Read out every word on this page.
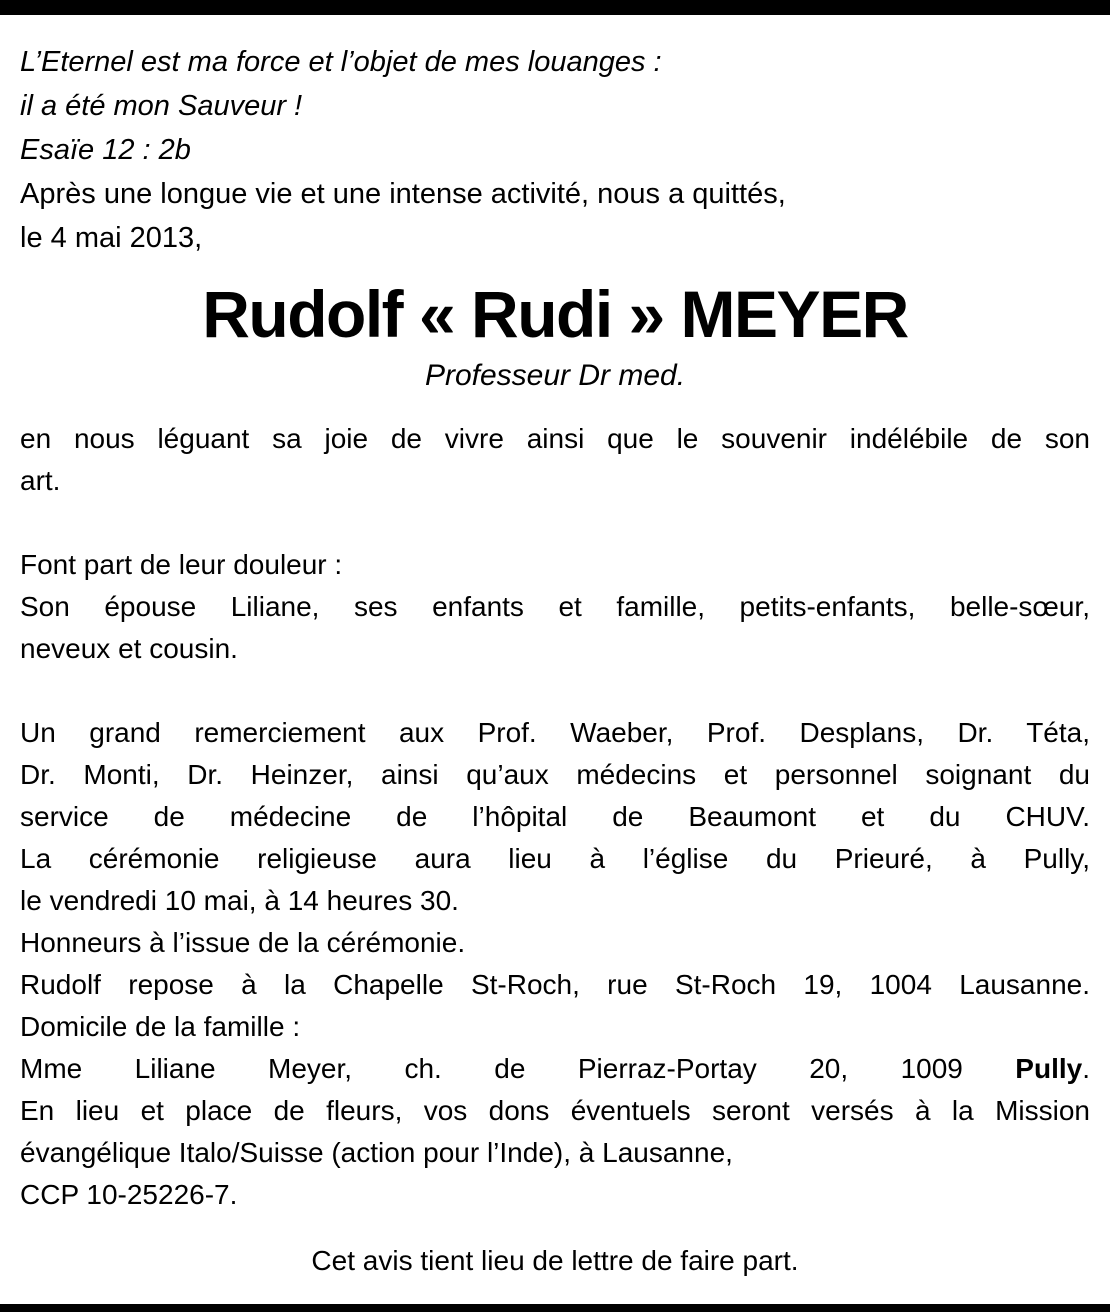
L’Eternel est ma force et l’objet de mes louanges :
il a été mon Sauveur !
Esaïe 12 : 2b
Après une longue vie et une intense activité, nous a quittés,
le 4 mai 2013,
Rudolf « Rudi » MEYER
Professeur Dr med.
en nous léguant sa joie de vivre ainsi que le souvenir indélébile de son
art.
Font part de leur douleur :
Son épouse Liliane, ses enfants et famille, petits-enfants, belle-sœur,
neveux et cousin.
Un grand remerciement aux Prof. Waeber, Prof. Desplans, Dr. Téta,
Dr. Monti, Dr. Heinzer, ainsi qu’aux médecins et personnel soignant du
service de médecine de l’hôpital de Beaumont et du CHUV.
La cérémonie religieuse aura lieu à l’église du Prieuré, à Pully,
le vendredi 10 mai, à 14 heures 30.
Honneurs à l’issue de la cérémonie.
Rudolf repose à la Chapelle St-Roch, rue St-Roch 19, 1004 Lausanne.
Domicile de la famille :
Mme Liliane Meyer, ch. de Pierraz-Portay 20, 1009 Pully.
En lieu et place de fleurs, vos dons éventuels seront versés à la Mission
évangélique Italo/Suisse (action pour l’Inde), à Lausanne,
CCP 10-25226-7.
Cet avis tient lieu de lettre de faire part.
